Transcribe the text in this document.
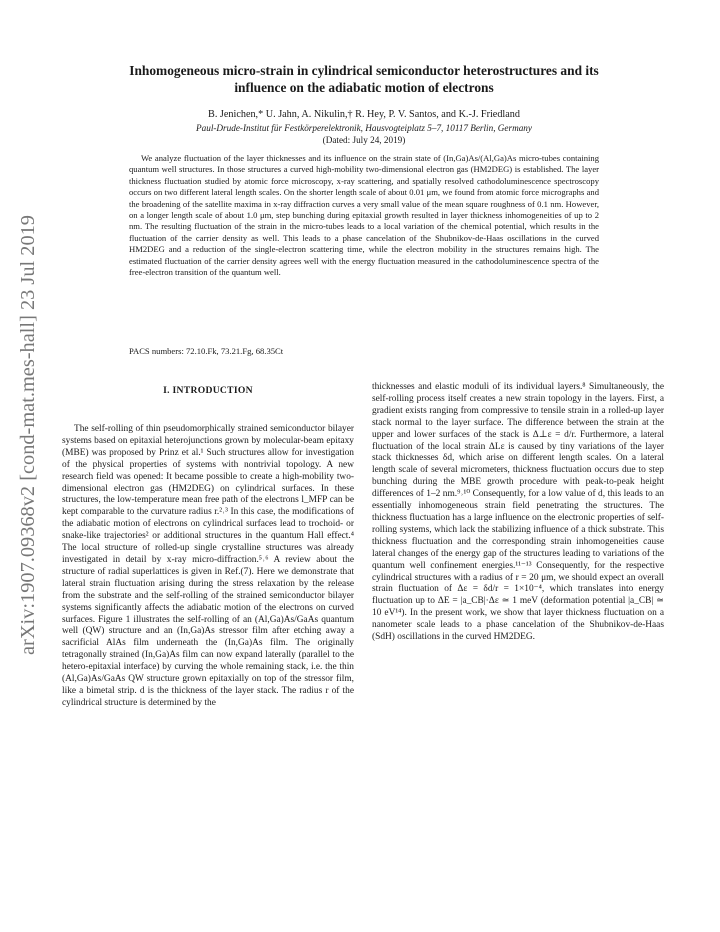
arXiv:1907.09368v2 [cond-mat.mes-hall] 23 Jul 2019
Inhomogeneous micro-strain in cylindrical semiconductor heterostructures and its
influence on the adiabatic motion of electrons

B. Jenichen,* U. Jahn, A. Nikulin,† R. Hey, P. V. Santos, and K.-J. Friedland

Paul-Drude-Institut für Festkörperelektronik, Hausvogteiplatz 5–7, 10117 Berlin, Germany

(Dated: July 24, 2019)

We analyze fluctuation of the layer thicknesses and its influence on the strain state of (In,Ga)As/(Al,Ga)As micro-tubes containing quantum well structures. In those structures a curved high-mobility two-dimensional electron gas (HM2DEG) is established. The layer thickness fluctuation studied by atomic force microscopy, x-ray scattering, and spatially resolved cathodoluminescence spectroscopy occurs on two different lateral length scales. On the shorter length scale of about 0.01 μm, we found from atomic force micrographs and the broadening of the satellite maxima in x-ray diffraction curves a very small value of the mean square roughness of 0.1 nm. However, on a longer length scale of about 1.0 μm, step bunching during epitaxial growth resulted in layer thickness inhomogeneities of up to 2 nm. The resulting fluctuation of the strain in the micro-tubes leads to a local variation of the chemical potential, which results in the fluctuation of the carrier density as well. This leads to a phase cancelation of the Shubnikov-de-Haas oscillations in the curved HM2DEG and a reduction of the single-electron scattering time, while the electron mobility in the structures remains high. The estimated fluctuation of the carrier density agrees well with the energy fluctuation measured in the cathodoluminescence spectra of the free-electron transition of the quantum well.

PACS numbers: 72.10.Fk, 73.21.Fg, 68.35Ct

I. INTRODUCTION

The self-rolling of thin pseudomorphically strained semiconductor bilayer systems based on epitaxial heterojunctions grown by molecular-beam epitaxy (MBE) was proposed by Prinz et al.¹ Such structures allow for investigation of the physical properties of systems with nontrivial topology. A new research field was opened: It became possible to create a high-mobility two-dimensional electron gas (HM2DEG) on cylindrical surfaces. In these structures, the low-temperature mean free path of the electrons l_MFP can be kept comparable to the curvature radius r.²˒³ In this case, the modifications of the adiabatic motion of electrons on cylindrical surfaces lead to trochoid- or snake-like trajectories² or additional structures in the quantum Hall effect.⁴ The local structure of rolled-up single crystalline structures was already investigated in detail by x-ray micro-diffraction.⁵˒⁶ A review about the structure of radial superlattices is given in Ref.(7). Here we demonstrate that lateral strain fluctuation arising during the stress relaxation by the release from the substrate and the self-rolling of the strained semiconductor bilayer systems significantly affects the adiabatic motion of the electrons on curved surfaces. Figure 1 illustrates the self-rolling of an (Al,Ga)As/GaAs quantum well (QW) structure and an (In,Ga)As stressor film after etching away a sacrificial AlAs film underneath the (In,Ga)As film. The originally tetragonally strained (In,Ga)As film can now expand laterally (parallel to the hetero-epitaxial interface) by curving the whole remaining stack, i.e. the thin (Al,Ga)As/GaAs QW structure grown epitaxially on top of the stressor film, like a bimetal strip. d is the thickness of the layer stack. The radius r of the cylindrical structure is determined by the

thicknesses and elastic moduli of its individual layers.⁸ Simultaneously, the self-rolling process itself creates a new strain topology in the layers. First, a gradient exists ranging from compressive to tensile strain in a rolled-up layer stack normal to the layer surface. The difference between the strain at the upper and lower surfaces of the stack is Δ⊥ε = d/r. Furthermore, a lateral fluctuation of the local strain ΔLε is caused by tiny variations of the layer stack thicknesses δd, which arise on different length scales. On a lateral length scale of several micrometers, thickness fluctuation occurs due to step bunching during the MBE growth procedure with peak-to-peak height differences of 1–2 nm.⁹˒¹⁰ Consequently, for a low value of d, this leads to an essentially inhomogeneous strain field penetrating the structures. The thickness fluctuation has a large influence on the electronic properties of self-rolling systems, which lack the stabilizing influence of a thick substrate. This thickness fluctuation and the corresponding strain inhomogeneities cause lateral changes of the energy gap of the structures leading to variations of the quantum well confinement energies.¹¹⁻¹³ Consequently, for the respective cylindrical structures with a radius of r = 20 μm, we should expect an overall strain fluctuation of Δε = δd/r = 1×10⁻⁴, which translates into energy fluctuation up to ΔE = |a_CB|·Δε ≃ 1 meV (deformation potential |a_CB| ≃ 10 eV¹⁴). In the present work, we show that layer thickness fluctuation on a nanometer scale leads to a phase cancelation of the Shubnikov-de-Haas (SdH) oscillations in the curved HM2DEG.
